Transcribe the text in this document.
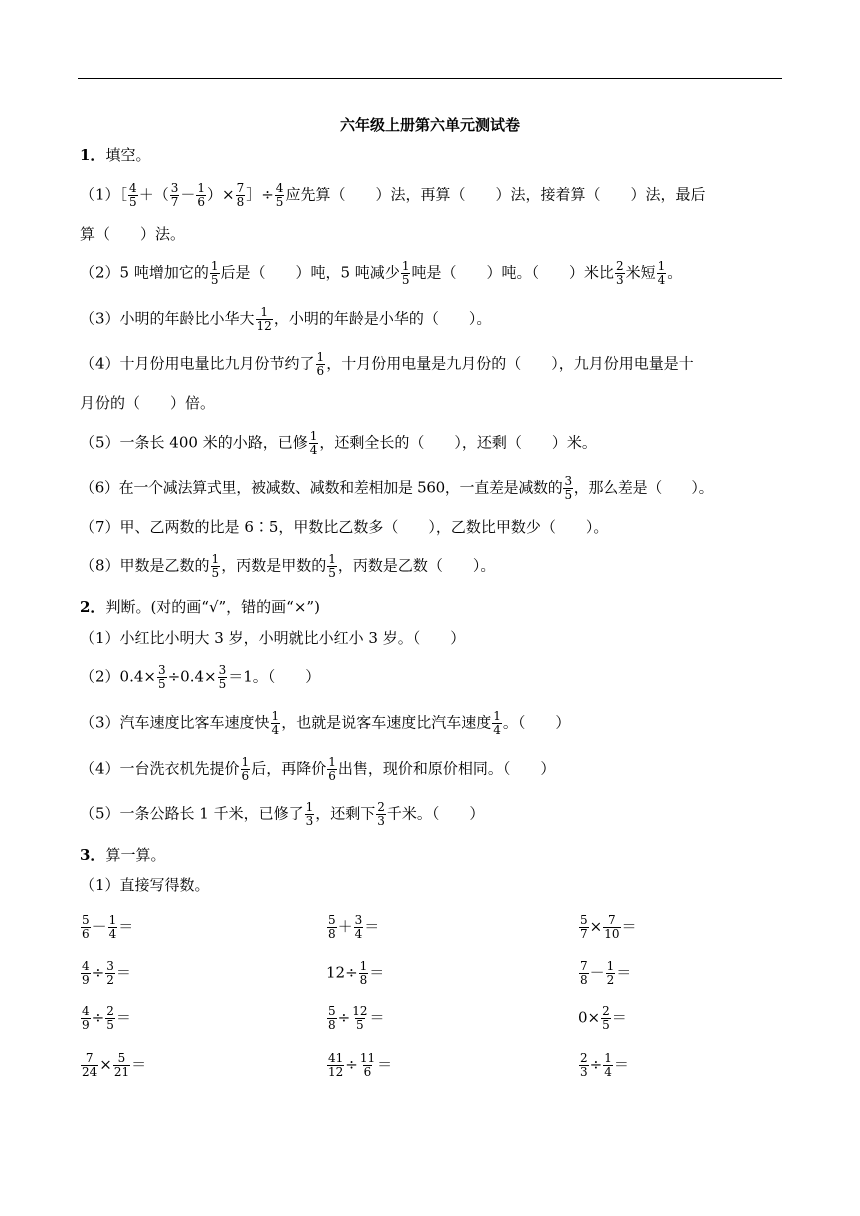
六年级上册第六单元测试卷
1．填空。
（1）［ $\frac{4}{5}$ ＋（ $\frac{3}{7} - \frac{1}{6}$ ）× $\frac{7}{8}$ ］÷ $\frac{4}{5}$ 应先算（　　）法，再算（　　）法，接着算（　　）法，最后
算（　　）法。
（2）5 吨增加它的 $\frac{1}{5}$ 后是（　　）吨，5 吨减少 $\frac{1}{5}$ 吨是（　　）吨。（　　）米比 $\frac{2}{3}$ 米短 $\frac{1}{4}$ 。
（3）小明的年龄比小华大 $\frac{1}{12}$ ，小明的年龄是小华的（　　）。
（4）十月份用电量比九月份节约了 $\frac{1}{6}$ ，十月份用电量是九月份的（　　），九月份用电量是十
月份的（　　）倍。
（5）一条长 400 米的小路，已修 $\frac{1}{4}$ ，还剩全长的（　　），还剩（　　）米。
（6）在一个减法算式里，被减数、减数和差相加是 560，一直差是减数的 $\frac{3}{5}$ ，那么差是（　　）。
（7）甲、乙两数的比是 6∶5，甲数比乙数多（　　），乙数比甲数少（　　）。
（8）甲数是乙数的 $\frac{1}{5}$ ，丙数是甲数的 $\frac{1}{5}$ ，丙数是乙数（　　）。
2．判断。(对的画“√”，错的画“×”)
（1）小红比小明大 3 岁，小明就比小红小 3 岁。（　　）
$(2)0.4\times \frac{3}{5} \div 0.4\times \frac{3}{5} =1$。（　　）
（3）汽车速度比客车速度快 $\frac{1}{4}$ ，也就是说客车速度比汽车速度 $\frac{1}{4}$ 。（　　）
（4）一台洗衣机先提价 $\frac{1}{6}$ 后，再降价 $\frac{1}{6}$ 出售，现价和原价相同。（　　）
（5）一条公路长 1 千米，已修了 $\frac{1}{3}$ ，还剩下 $\frac{2}{3}$ 千米。（　　）
3．算一算。
（1）直接写得数。
$\frac{5}{6} - \frac{1}{4}$ ＝	$\frac{5}{8} + \frac{3}{4}$ ＝	$\frac{5}{7} \times \frac{7}{10}$ ＝
$\frac{4}{9} \div \frac{3}{2}$ ＝	$12\div \frac{1}{8}$ ＝	$\frac{7}{8} - \frac{1}{2}$ ＝
$\frac{4}{9} \div \frac{2}{5}$ ＝	$\frac{5}{8} \div \frac{12}{5}$ ＝	$0\times \frac{2}{5}$ ＝
$\frac{7}{24} \times \frac{5}{21}$ ＝	$\frac{41}{12} \div \frac{11}{6}$ ＝	$\frac{2}{3} \div \frac{1}{4}$ ＝
